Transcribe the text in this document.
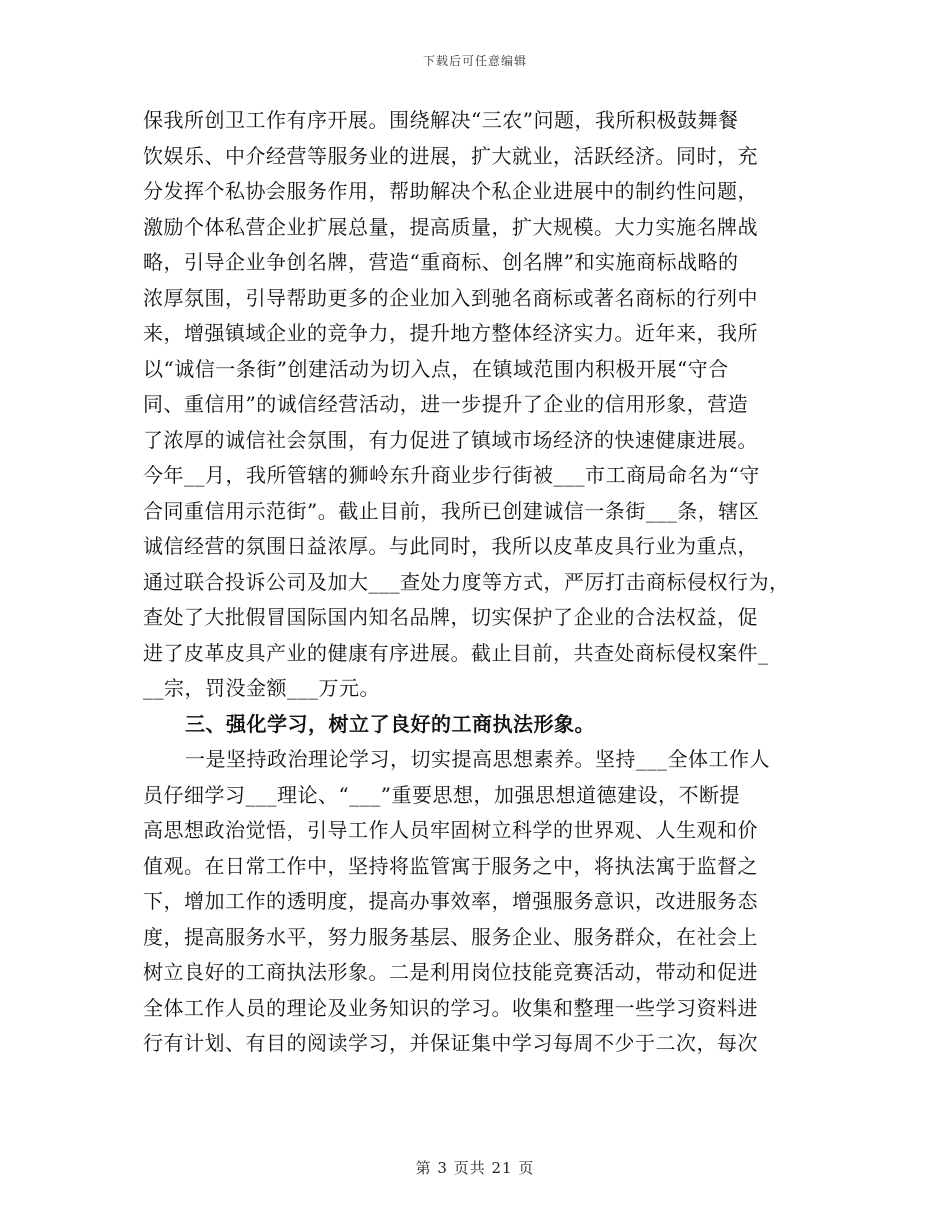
下载后可任意编辑
保我所创卫工作有序开展。围绕解决“三农”问题，我所积极鼓舞餐
饮娱乐、中介经营等服务业的进展，扩大就业，活跃经济。同时，充
分发挥个私协会服务作用，帮助解决个私企业进展中的制约性问题，
激励个体私营企业扩展总量，提高质量，扩大规模。大力实施名牌战
略，引导企业争创名牌，营造“重商标、创名牌”和实施商标战略的
浓厚氛围，引导帮助更多的企业加入到驰名商标或著名商标的行列中
来，增强镇域企业的竞争力，提升地方整体经济实力。近年来，我所
以“诚信一条街”创建活动为切入点，在镇域范围内积极开展“守合
同、重信用”的诚信经营活动，进一步提升了企业的信用形象，营造
了浓厚的诚信社会氛围，有力促进了镇域市场经济的快速健康进展。
今年__月，我所管辖的狮岭东升商业步行街被___市工商局命名为“守
合同重信用示范街”。截止目前，我所已创建诚信一条街___条，辖区
诚信经营的氛围日益浓厚。与此同时，我所以皮革皮具行业为重点，
通过联合投诉公司及加大___查处力度等方式，严厉打击商标侵权行为，
查处了大批假冒国际国内知名品牌，切实保护了企业的合法权益，促
进了皮革皮具产业的健康有序进展。截止目前，共查处商标侵权案件_
__宗，罚没金额___万元。
三、强化学习，树立了良好的工商执法形象。
一是坚持政治理论学习，切实提高思想素养。坚持___全体工作人
员仔细学习___理论、“___”重要思想，加强思想道德建设，不断提
高思想政治觉悟，引导工作人员牢固树立科学的世界观、人生观和价
值观。在日常工作中，坚持将监管寓于服务之中，将执法寓于监督之
下，增加工作的透明度，提高办事效率，增强服务意识，改进服务态
度，提高服务水平，努力服务基层、服务企业、服务群众，在社会上
树立良好的工商执法形象。二是利用岗位技能竞赛活动，带动和促进
全体工作人员的理论及业务知识的学习。收集和整理一些学习资料进
行有计划、有目的阅读学习，并保证集中学习每周不少于二次，每次
第 3 页共 21 页
